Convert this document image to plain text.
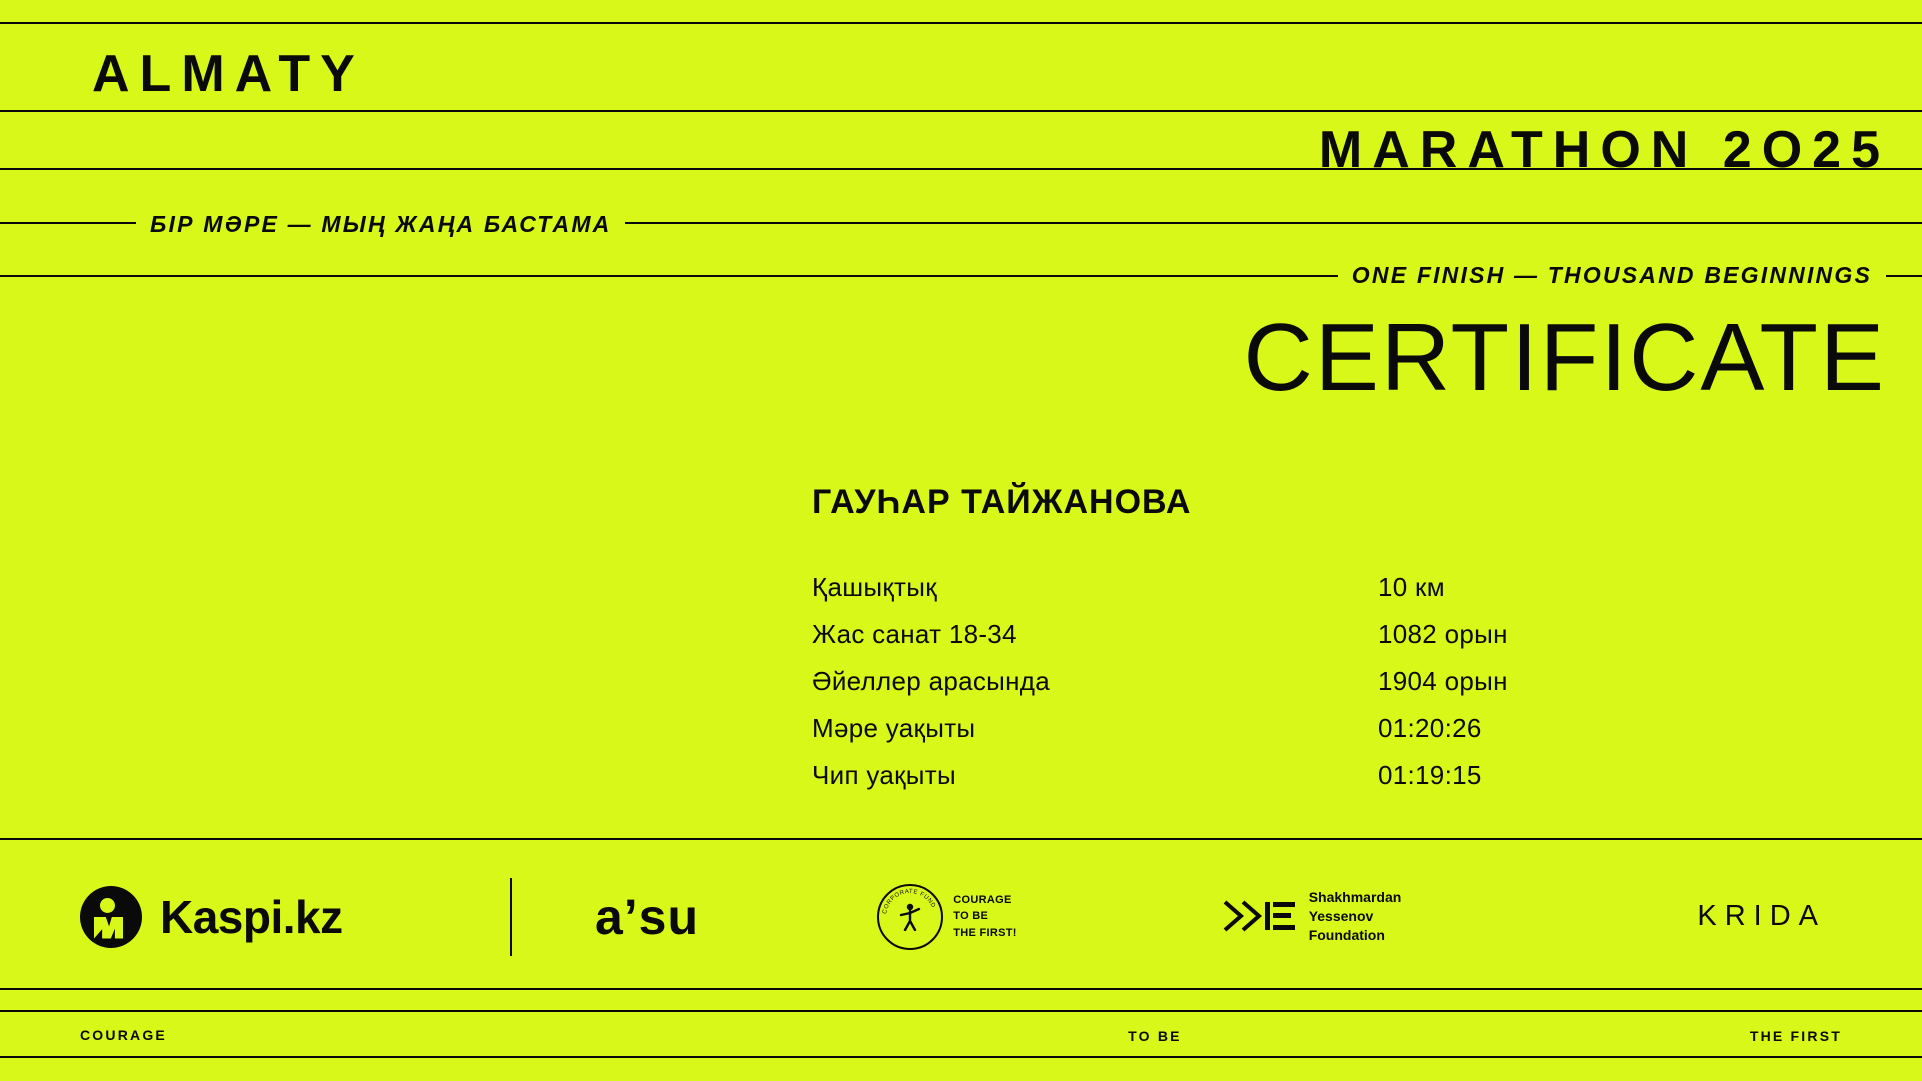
ALMATY
MARATHON 2O25
БІР МӘРЕ — МЫҢ ЖАҢА БАСТАМА
ONE FINISH — THOUSAND BEGINNINGS
CERTIFICATE
ГАУҺАР ТАЙЖАНОВА
Қашықтық	10 км
Жас санат 18-34	1082 орын
Әйеллер арасында	1904 орын
Мәре уақыты	01:20:26
Чип уақыты	01:19:15
Kaspi.kz	aʼsu	CORPORATE FUND COURAGE
TO BE
THE FIRST!
Shakhmardan
Yessenov
Foundation
KRIDA
COURAGE	TO BE	THE FIRST
